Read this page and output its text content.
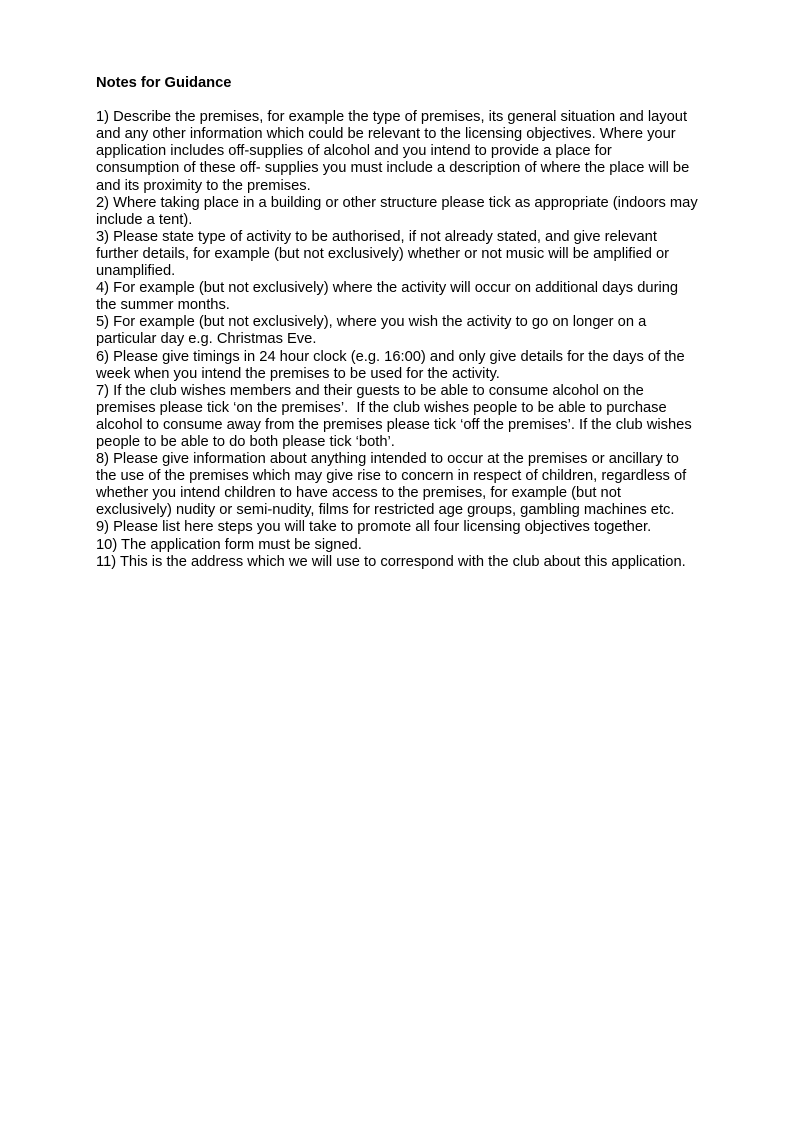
Notes for Guidance
1) Describe the premises, for example the type of premises, its general situation and layout
and any other information which could be relevant to the licensing objectives. Where your
application includes off-supplies of alcohol and you intend to provide a place for
consumption of these off- supplies you must include a description of where the place will be
and its proximity to the premises.
2) Where taking place in a building or other structure please tick as appropriate (indoors may
include a tent).
3) Please state type of activity to be authorised, if not already stated, and give relevant
further details, for example (but not exclusively) whether or not music will be amplified or
unamplified.
4) For example (but not exclusively) where the activity will occur on additional days during
the summer months.
5) For example (but not exclusively), where you wish the activity to go on longer on a
particular day e.g. Christmas Eve.
6) Please give timings in 24 hour clock (e.g. 16:00) and only give details for the days of the
week when you intend the premises to be used for the activity.
7) If the club wishes members and their guests to be able to consume alcohol on the
premises please tick ‘on the premises’.  If the club wishes people to be able to purchase
alcohol to consume away from the premises please tick ‘off the premises’. If the club wishes
people to be able to do both please tick ‘both’.
8) Please give information about anything intended to occur at the premises or ancillary to
the use of the premises which may give rise to concern in respect of children, regardless of
whether you intend children to have access to the premises, for example (but not
exclusively) nudity or semi-nudity, films for restricted age groups, gambling machines etc.
9) Please list here steps you will take to promote all four licensing objectives together.
10) The application form must be signed.
11) This is the address which we will use to correspond with the club about this application.
